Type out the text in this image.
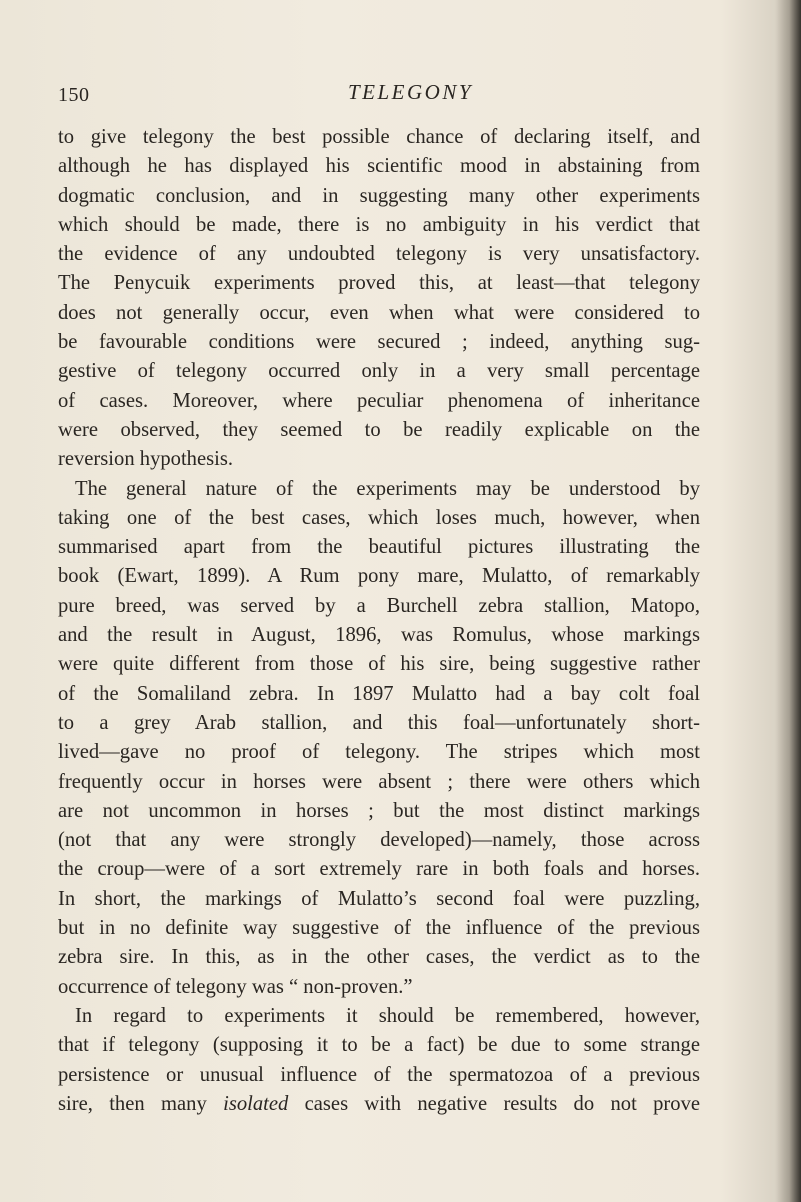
150	TELEGONY
to give telegony the best possible chance of declaring itself, and
although he has displayed his scientific mood in abstaining from
dogmatic conclusion, and in suggesting many other experiments
which should be made, there is no ambiguity in his verdict that
the evidence of any undoubted telegony is very unsatisfactory.
The Penycuik experiments proved this, at least—that telegony
does not generally occur, even when what were considered to
be favourable conditions were secured ; indeed, anything sug-
gestive of telegony occurred only in a very small percentage
of cases. Moreover, where peculiar phenomena of inheritance
were observed, they seemed to be readily explicable on the
reversion hypothesis.
The general nature of the experiments may be understood by
taking one of the best cases, which loses much, however, when
summarised apart from the beautiful pictures illustrating the
book (Ewart, 1899). A Rum pony mare, Mulatto, of remarkably
pure breed, was served by a Burchell zebra stallion, Matopo,
and the result in August, 1896, was Romulus, whose markings
were quite different from those of his sire, being suggestive rather
of the Somaliland zebra. In 1897 Mulatto had a bay colt foal
to a grey Arab stallion, and this foal—unfortunately short-
lived—gave no proof of telegony. The stripes which most
frequently occur in horses were absent ; there were others which
are not uncommon in horses ; but the most distinct markings
(not that any were strongly developed)—namely, those across
the croup—were of a sort extremely rare in both foals and horses.
In short, the markings of Mulatto’s second foal were puzzling,
but in no definite way suggestive of the influence of the previous
zebra sire. In this, as in the other cases, the verdict as to the
occurrence of telegony was “ non-proven.”
In regard to experiments it should be remembered, however,
that if telegony (supposing it to be a fact) be due to some strange
persistence or unusual influence of the spermatozoa of a previous
sire, then many isolated cases with negative results do not prove
